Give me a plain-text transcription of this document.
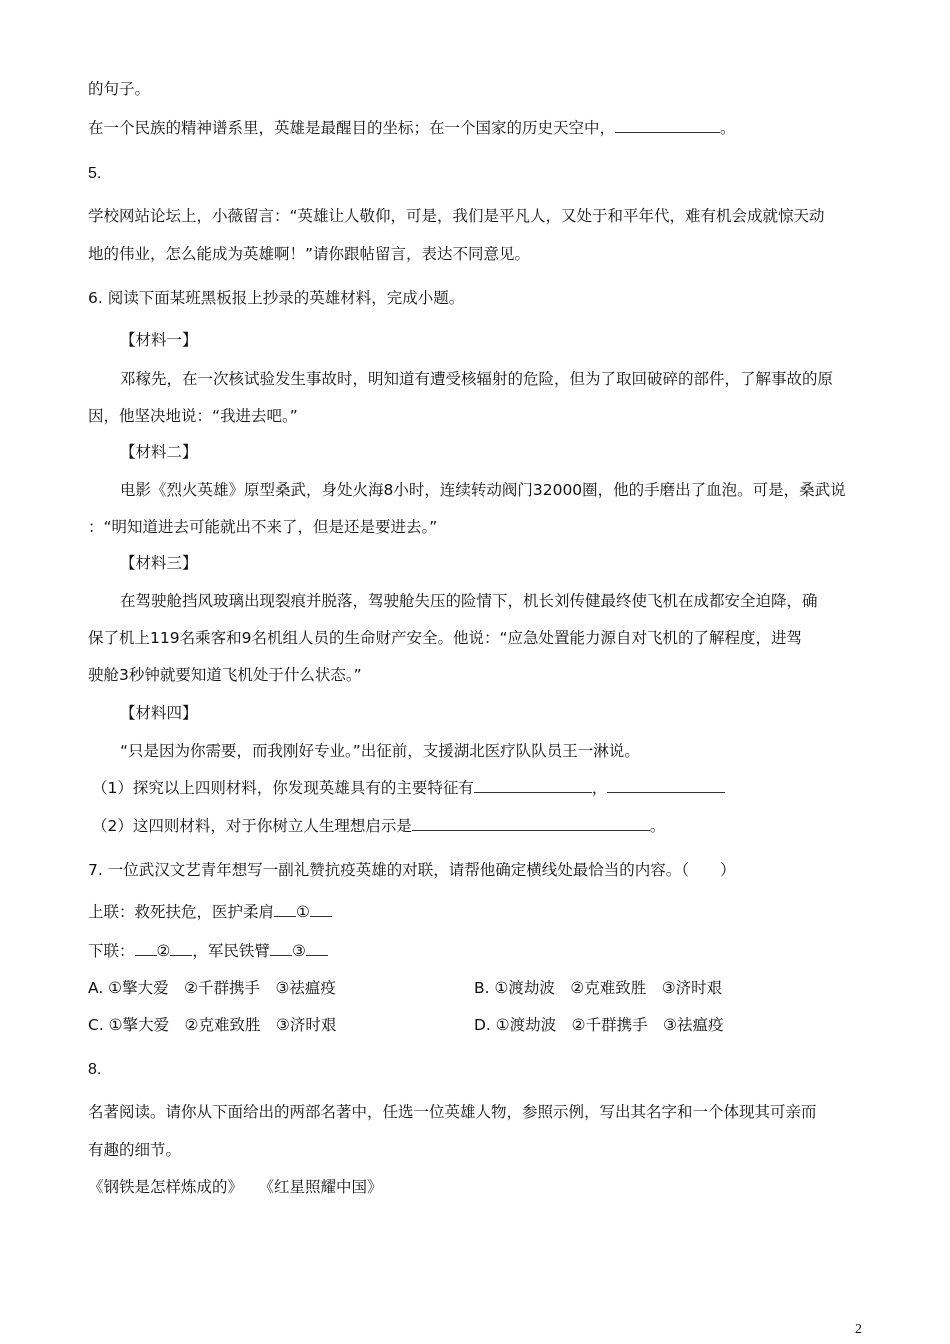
的句子。
在一个民族的精神谱系里，英雄是最醒目的坐标；在一个国家的历史天空中，	。
5.
学校网站论坛上，小薇留言：“英雄让人敬仰，可是，我们是平凡人，又处于和平年代，难有机会成就惊天动
地的伟业，怎么能成为英雄啊！”请你跟帖留言，表达不同意见。
6. 阅读下面某班黑板报上抄录的英雄材料，完成小题。
【材料一】
邓稼先，在一次核试验发生事故时，明知道有遭受核辐射的危险，但为了取回破碎的部件，了解事故的原
因，他坚决地说：“我进去吧。”
【材料二】
电影《烈火英雄》原型桑武，身处火海8小时，连续转动阀门32000圈，他的手磨出了血泡。可是，桑武说
：“明知道进去可能就出不来了，但是还是要进去。”
【材料三】
在驾驶舱挡风玻璃出现裂痕并脱落，驾驶舱失压的险情下，机长刘传健最终使飞机在成都安全迫降，确
保了机上119名乘客和9名机组人员的生命财产安全。他说：“应急处置能力源自对飞机的了解程度，进驾
驶舱3秒钟就要知道飞机处于什么状态。”
【材料四】
“只是因为你需要，而我刚好专业。”出征前，支援湖北医疗队队员王一淋说。
（1）探究以上四则材料，你发现英雄具有的主要特征有	，
（2）这四则材料，对于你树立人生理想启示是	。
7. 一位武汉文艺青年想写一副礼赞抗疫英雄的对联，请帮他确定横线处最恰当的内容。（　　）
上联：救死扶危，医护柔肩 ①
下联： ② ，军民铁臂 ③
A. ①擎大爱　②千群携手　③祛瘟疫	B. ①渡劫波　②克难致胜　③济时艰
C. ①擎大爱　②克难致胜　③济时艰	D. ①渡劫波　②千群携手　③祛瘟疫
8.
名著阅读。请你从下面给出的两部名著中，任选一位英雄人物，参照示例，写出其名字和一个体现其可亲而
有趣的细节。
《钢铁是怎样炼成的》　　《红星照耀中国》
2
